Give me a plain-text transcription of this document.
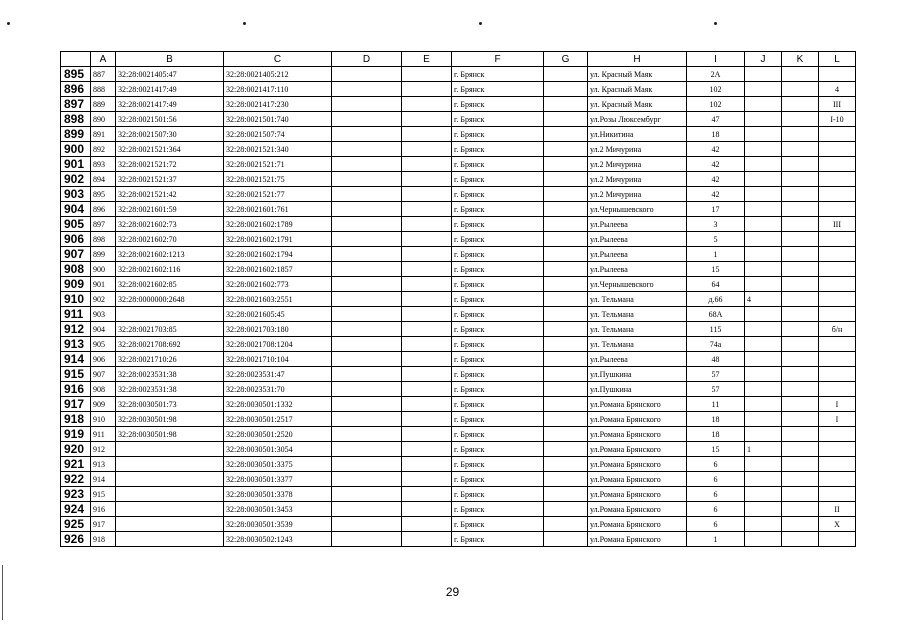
	A	B	C	D	E	F	G	H	I	J	K	L
895	887	32:28:0021405:47	32:28:0021405:212			г. Брянск		ул. Красный Маяк	2А			
896	888	32:28:0021417:49	32:28:0021417:110			г. Брянск		ул. Красный Маяк	102			4
897	889	32:28:0021417:49	32:28:0021417:230			г. Брянск		ул. Красный Маяк	102			III
898	890	32:28:0021501:56	32:28:0021501:740			г. Брянск		ул.Розы Люксембург	47			I-10
899	891	32:28:0021507:30	32:28:0021507:74			г. Брянск		ул.Никитина	18			
900	892	32:28:0021521:364	32:28:0021521:340			г. Брянск		ул.2 Мичурина	42			
901	893	32:28:0021521:72	32:28:0021521:71			г. Брянск		ул.2 Мичурина	42			
902	894	32:28:0021521:37	32:28:0021521:75			г. Брянск		ул.2 Мичурина	42			
903	895	32:28:0021521:42	32:28:0021521:77			г. Брянск		ул.2 Мичурина	42			
904	896	32:28:0021601:59	32:28:0021601:761			г. Брянск		ул.Чернышевского	17			
905	897	32:28:0021602:73	32:28:0021602:1789			г. Брянск		ул.Рылеева	3			III
906	898	32:28:0021602:70	32:28:0021602:1791			г. Брянск		ул.Рылеева	5			
907	899	32:28:0021602:1213	32:28:0021602:1794			г. Брянск		ул.Рылеева	1			
908	900	32:28:0021602:116	32:28:0021602:1857			г. Брянск		ул.Рылеева	15			
909	901	32:28:0021602:85	32:28:0021602:773			г. Брянск		ул.Чернышевского	64			
910	902	32:28:0000000:2648	32:28:0021603:2551			г. Брянск		ул. Тельмана	д.66	4		
911	903		32:28:0021605:45			г. Брянск		ул. Тельмана	68А			
912	904	32:28:0021703:85	32:28:0021703:180			г. Брянск		ул. Тельмана	115			б/н
913	905	32:28:0021708:692	32:28:0021708:1204			г. Брянск		ул. Тельмана	74а			
914	906	32:28:0021710:26	32:28:0021710:104			г. Брянск		ул.Рылеева	48			
915	907	32:28:0023531:38	32:28:0023531:47			г. Брянск		ул.Пушкина	57			
916	908	32:28:0023531:38	32:28:0023531:70			г. Брянск		ул.Пушкина	57			
917	909	32:28:0030501:73	32:28:0030501:1332			г. Брянск		ул.Романа Брянского	11			I
918	910	32:28:0030501:98	32:28:0030501:2517			г. Брянск		ул.Романа Брянского	18			I
919	911	32:28:0030501:98	32:28:0030501:2520			г. Брянск		ул.Романа Брянского	18			
920	912		32:28:0030501:3054			г. Брянск		ул.Романа Брянского	15	1		
921	913		32:28:0030501:3375			г. Брянск		ул.Романа Брянского	6			
922	914		32:28:0030501:3377			г. Брянск		ул.Романа Брянского	6			
923	915		32:28:0030501:3378			г. Брянск		ул.Романа Брянского	6			
924	916		32:28:0030501:3453			г. Брянск		ул.Романа Брянского	6			II
925	917		32:28:0030501:3539			г. Брянск		ул.Романа Брянского	6			X
926	918		32:28:0030502:1243			г. Брянск		ул.Романа Брянского	1			
29
